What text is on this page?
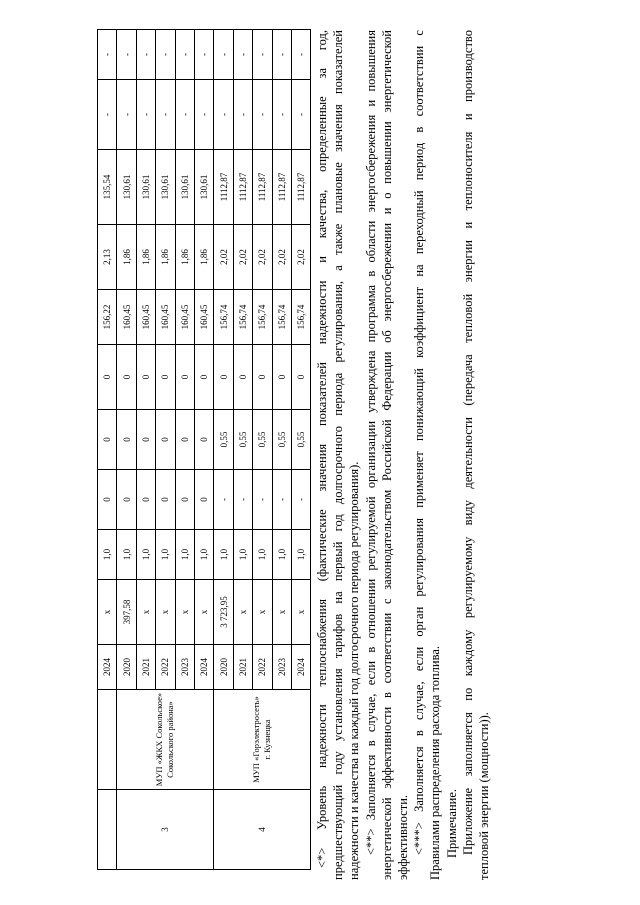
		2024	x	1,0	0	0	0	156,22	2,13	135,54	-	-
3	МУП «ЖКХ Сокольское» Сокольского района»	2020	397,58	1,0	0	0	0	160,45	1,86	130,61	-	-
		2021	x	1,0	0	0	0	160,45	1,86	130,61	-	-
		2022	x	1,0	0	0	0	160,45	1,86	130,61	-	-
		2023	x	1,0	0	0	0	160,45	1,86	130,61	-	-
		2024	x	1,0	0	0	0	160,45	1,86	130,61	-	-
4	МУП «Горэлектросеть» г. Кузнецка	2020	3 723,95	1,0	-	0,55	0	156,74	2,02	1112,87	-	-
		2021	x	1,0	-	0,55	0	156,74	2,02	1112,87	-	-
		2022	x	1,0	-	0,55	0	156,74	2,02	1112,87	-	-
		2023	x	1,0	-	0,55	0	156,74	2,02	1112,87	-	-
		2024	x	1,0	-	0,55	0	156,74	2,02	1112,87	-	- <*> Уровень надежности теплоснабжения (фактические значения показателей надежности и качества, определенные за год, предшествующий году установления тарифов на первый год долгосрочного периода регулирования, а также плановые значения показателей надежности и качества на каждый год долгосрочного периода регулирования). <**> Заполняется в случае, если в отношении регулируемой организации утверждена программа в области энергосбережения и повышения энергетической эффективности в соответствии с законодательством Российской Федерации об энергосбережении и о повышении энергетической эффективности. <***> Заполняется в случае, если орган регулирования применяет понижающий коэффициент на переходный период в соответствии с Правилами распределения расхода топлива. Примечание. Приложение заполняется по каждому регулируемому виду деятельности (передача тепловой энергии и теплоносителя и производство тепловой энергии (мощности)).
